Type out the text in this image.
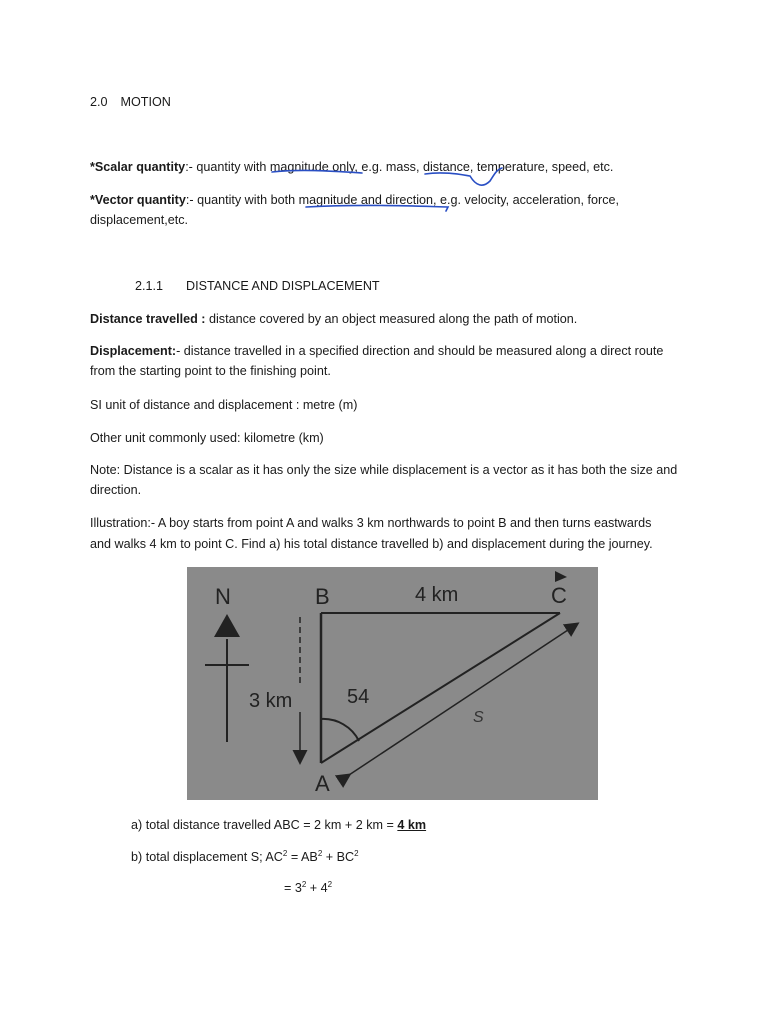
2.0 MOTION
*Scalar quantity:- quantity with magnitude only, e.g. mass, distance, temperature, speed, etc.
*Vector quantity:- quantity with both magnitude and direction, e.g. velocity, acceleration, force,
displacement,etc.
2.1.1 DISTANCE AND DISPLACEMENT
Distance travelled : distance covered by an object measured along the path of motion.
Displacement:- distance travelled in a specified direction and should be measured along a direct route
from the starting point to the finishing point.
SI unit of distance and displacement : metre (m)
Other unit commonly used: kilometre (km)
Note: Distance is a scalar as it has only the size while displacement is a vector as it has both the size and
direction.
Illustration:- A boy starts from point A and walks 3 km northwards to point B and then turns eastwards
and walks 4 km to point C. Find a) his total distance travelled b) and displacement during the journey.
N	B	4 km	C
3 km	54
S
A
a) total distance travelled ABC = 2 km + 2 km = 4 km
b) total displacement S; $AC^2 = AB^2 + BC^2$
= $3^2 + 4^2$
